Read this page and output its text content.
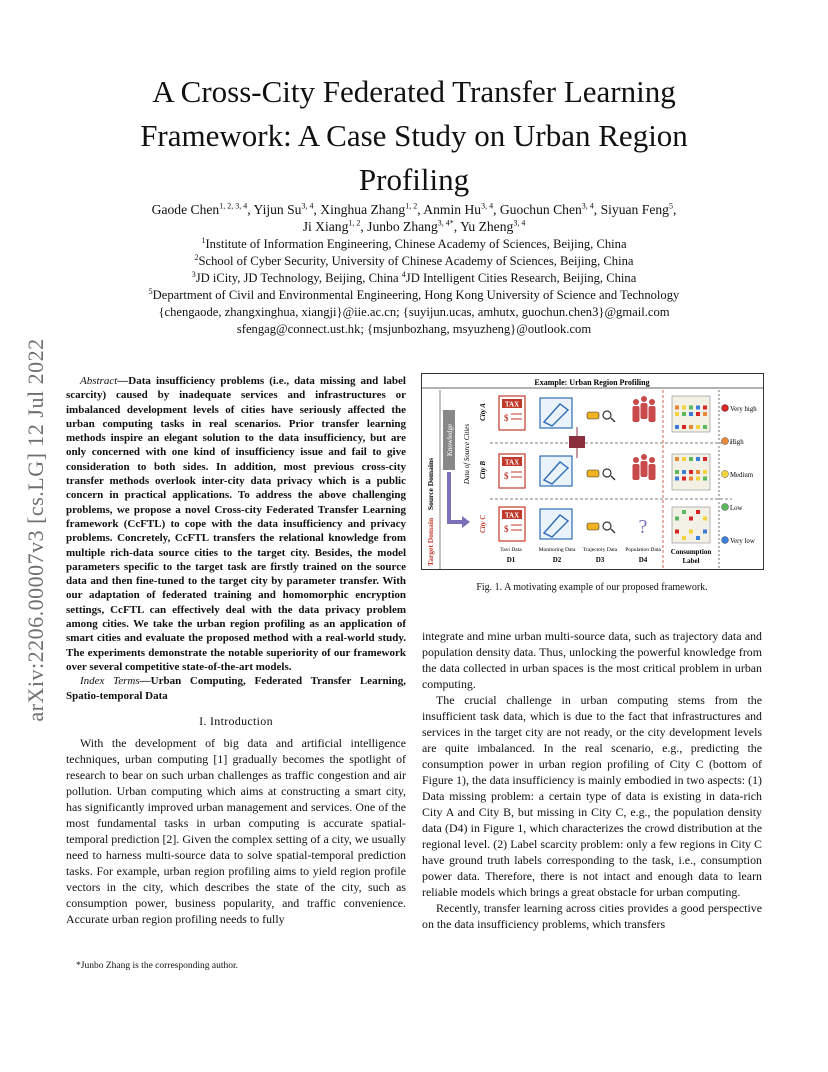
A Cross-City Federated Transfer Learning Framework: A Case Study on Urban Region Profiling
Gaode Chen$^{1, 2, 3, 4}$, Yijun Su$^{3, 4}$, Xinghua Zhang$^{1, 2}$, Anmin Hu$^{3, 4}$, Guochun Chen$^{3, 4}$, Siyuan Feng$^5$,
Ji Xiang$^{1, 2}$, Junbo Zhang$^{3, 4*}$, Yu Zheng$^{3, 4}$
$^1$Institute of Information Engineering, Chinese Academy of Sciences, Beijing, China
$^2$School of Cyber Security, University of Chinese Academy of Sciences, Beijing, China
$^3$JD iCity, JD Technology, Beijing, China $^4$JD Intelligent Cities Research, Beijing, China
$^5$Department of Civil and Environmental Engineering, Hong Kong University of Science and Technology
{chengaode, zhangxinghua, xiangji}@iie.ac.cn; {suyijun.ucas, amhutx, guochun.chen3}@gmail.com
sfengag@connect.ust.hk; {msjunbozhang, msyuzheng}@outlook.com
arXiv:2206.00007v3 [cs.LG] 12 Jul 2022	Abstract—Data insufficiency problems (i.e., data missing and label scarcity) caused by inadequate services and infrastructures or imbalanced development levels of cities have seriously affected the urban computing tasks in real scenarios. Prior transfer learning methods inspire an elegant solution to the data insufficiency, but are only concerned with one kind of insufficiency issue and fail to give consideration to both sides. In addition, most previous cross-city transfer methods overlook inter-city data privacy which is a public concern in practical applications. To address the above challenging problems, we propose a novel Cross-city Federated Transfer Learning framework (CcFTL) to cope with the data insufficiency and privacy problems. Concretely, CcFTL transfers the relational knowledge from multiple rich-data source cities to the target city. Besides, the model parameters specific to the target task are firstly trained on the source data and then fine-tuned to the target city by parameter transfer. With our adaptation of federated training and homomorphic encryption settings, CcFTL can effectively deal with the data privacy problem among cities. We take the urban region profiling as an application of smart cities and evaluate the proposed method with a real-world study. The experiments demonstrate the notable superiority of our framework over several competitive state-of-the-art models.

Index Terms—Urban Computing, Federated Transfer Learning, Spatio-temporal Data

I. Introduction

With the development of big data and artificial intelligence techniques, urban computing [1] gradually becomes the spotlight of research to bear on such urban challenges as traffic congestion and air pollution. Urban computing which aims at constructing a smart city, has significantly improved urban management and services. One of the most fundamental tasks in urban computing is accurate spatial-temporal prediction [2]. Given the complex setting of a city, we usually need to harness multi-source data to solve spatial-temporal prediction tasks. For example, urban region profiling aims to yield region profile vectors in the city, which describes the state of the city, such as consumption power, business popularity, and traffic convenience. Accurate urban region profiling needs to fully

*Junbo Zhang is the corresponding author.
Example: Urban Region Profiling
Source Domains
Target Domain
Knowledge Data of Source Cities
City A
City B
City C
TAX
$
TAX
$
TAX
$	?
Taxi Data	Monitoring Data Trajectory Data Population Data
D1	D2	D3	D4
Consumption
Label
Very high
High
Medium
Low
Very low
Fig. 1. A motivating example of our proposed framework.

integrate and mine urban multi-source data, such as trajectory data and population density data. Thus, unlocking the powerful knowledge from the data collected in urban spaces is the most critical problem in urban computing.

The crucial challenge in urban computing stems from the insufficient task data, which is due to the fact that infrastructures and services in the target city are not ready, or the city development levels are quite imbalanced. In the real scenario, e.g., predicting the consumption power in urban region profiling of City C (bottom of Figure 1), the data insufficiency is mainly embodied in two aspects: (1) Data missing problem: a certain type of data is existing in data-rich City A and City B, but missing in City C, e.g., the population density data (D4) in Figure 1, which characterizes the crowd distribution at the regional level. (2) Label scarcity problem: only a few regions in City C have ground truth labels corresponding to the task, i.e., consumption power data. Therefore, there is not intact and enough data to learn reliable models which brings a great obstacle for urban computing.

Recently, transfer learning across cities provides a good perspective on the data insufficiency problems, which transfers
